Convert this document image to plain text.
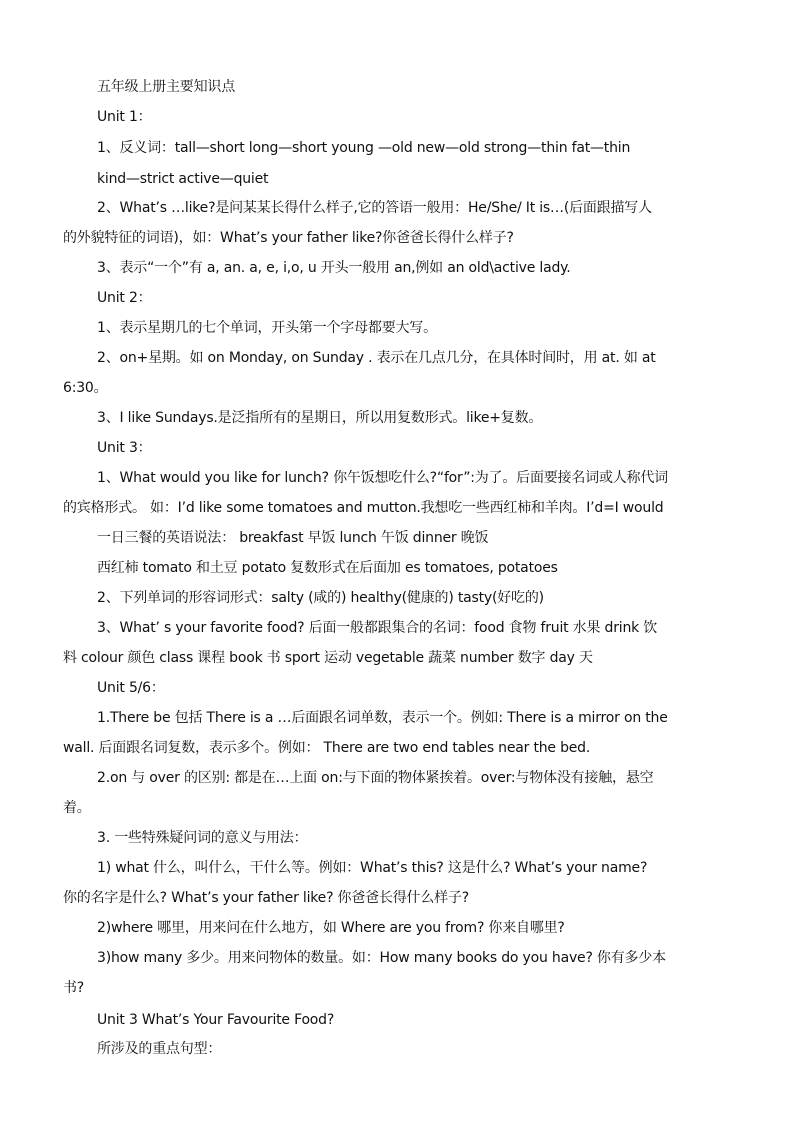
五年级上册主要知识点
Unit 1：
1、反义词：tall—short long—short young —old new—old strong—thin fat—thin
kind—strict active—quiet
2、What’s …like?是问某某长得什么样子,它的答语一般用：He/She/ It is…(后面跟描写人
的外貌特征的词语)，如：What’s your father like?你爸爸长得什么样子?
3、表示“一个”有 a, an. a, e, i,o, u 开头一般用 an,例如 an old\active lady.
Unit 2：
1、表示星期几的七个单词，开头第一个字母都要大写。
2、on+星期。如 on Monday, on Sunday . 表示在几点几分，在具体时间时，用 at. 如 at
6:30。
3、I like Sundays.是泛指所有的星期日，所以用复数形式。like+复数。
Unit 3：
1、What would you like for lunch? 你午饭想吃什么?“for”:为了。后面要接名词或人称代词
的宾格形式。 如：I’d like some tomatoes and mutton.我想吃一些西红柿和羊肉。I’d=I would
一日三餐的英语说法： breakfast 早饭 lunch 午饭 dinner 晚饭
西红柿 tomato 和土豆 potato 复数形式在后面加 es tomatoes, potatoes
2、下列单词的形容词形式：salty (咸的) healthy(健康的) tasty(好吃的)
3、What’ s your favorite food? 后面一般都跟集合的名词：food 食物 fruit 水果 drink 饮
料 colour 颜色 class 课程 book 书 sport 运动 vegetable 蔬菜 number 数字 day 天
Unit 5/6：
1.There be 包括 There is a …后面跟名词单数，表示一个。例如: There is a mirror on the
wall. 后面跟名词复数，表示多个。例如： There are two end tables near the bed.
2.on 与 over 的区别: 都是在…上面 on:与下面的物体紧挨着。over:与物体没有接触，悬空
着。
3. 一些特殊疑问词的意义与用法：
1) what 什么，叫什么，干什么等。例如：What’s this? 这是什么? What’s your name?
你的名字是什么? What’s your father like? 你爸爸长得什么样子?
2)where 哪里，用来问在什么地方，如 Where are you from? 你来自哪里?
3)how many 多少。用来问物体的数量。如：How many books do you have? 你有多少本
书?
Unit 3 What’s Your Favourite Food?
所涉及的重点句型：
